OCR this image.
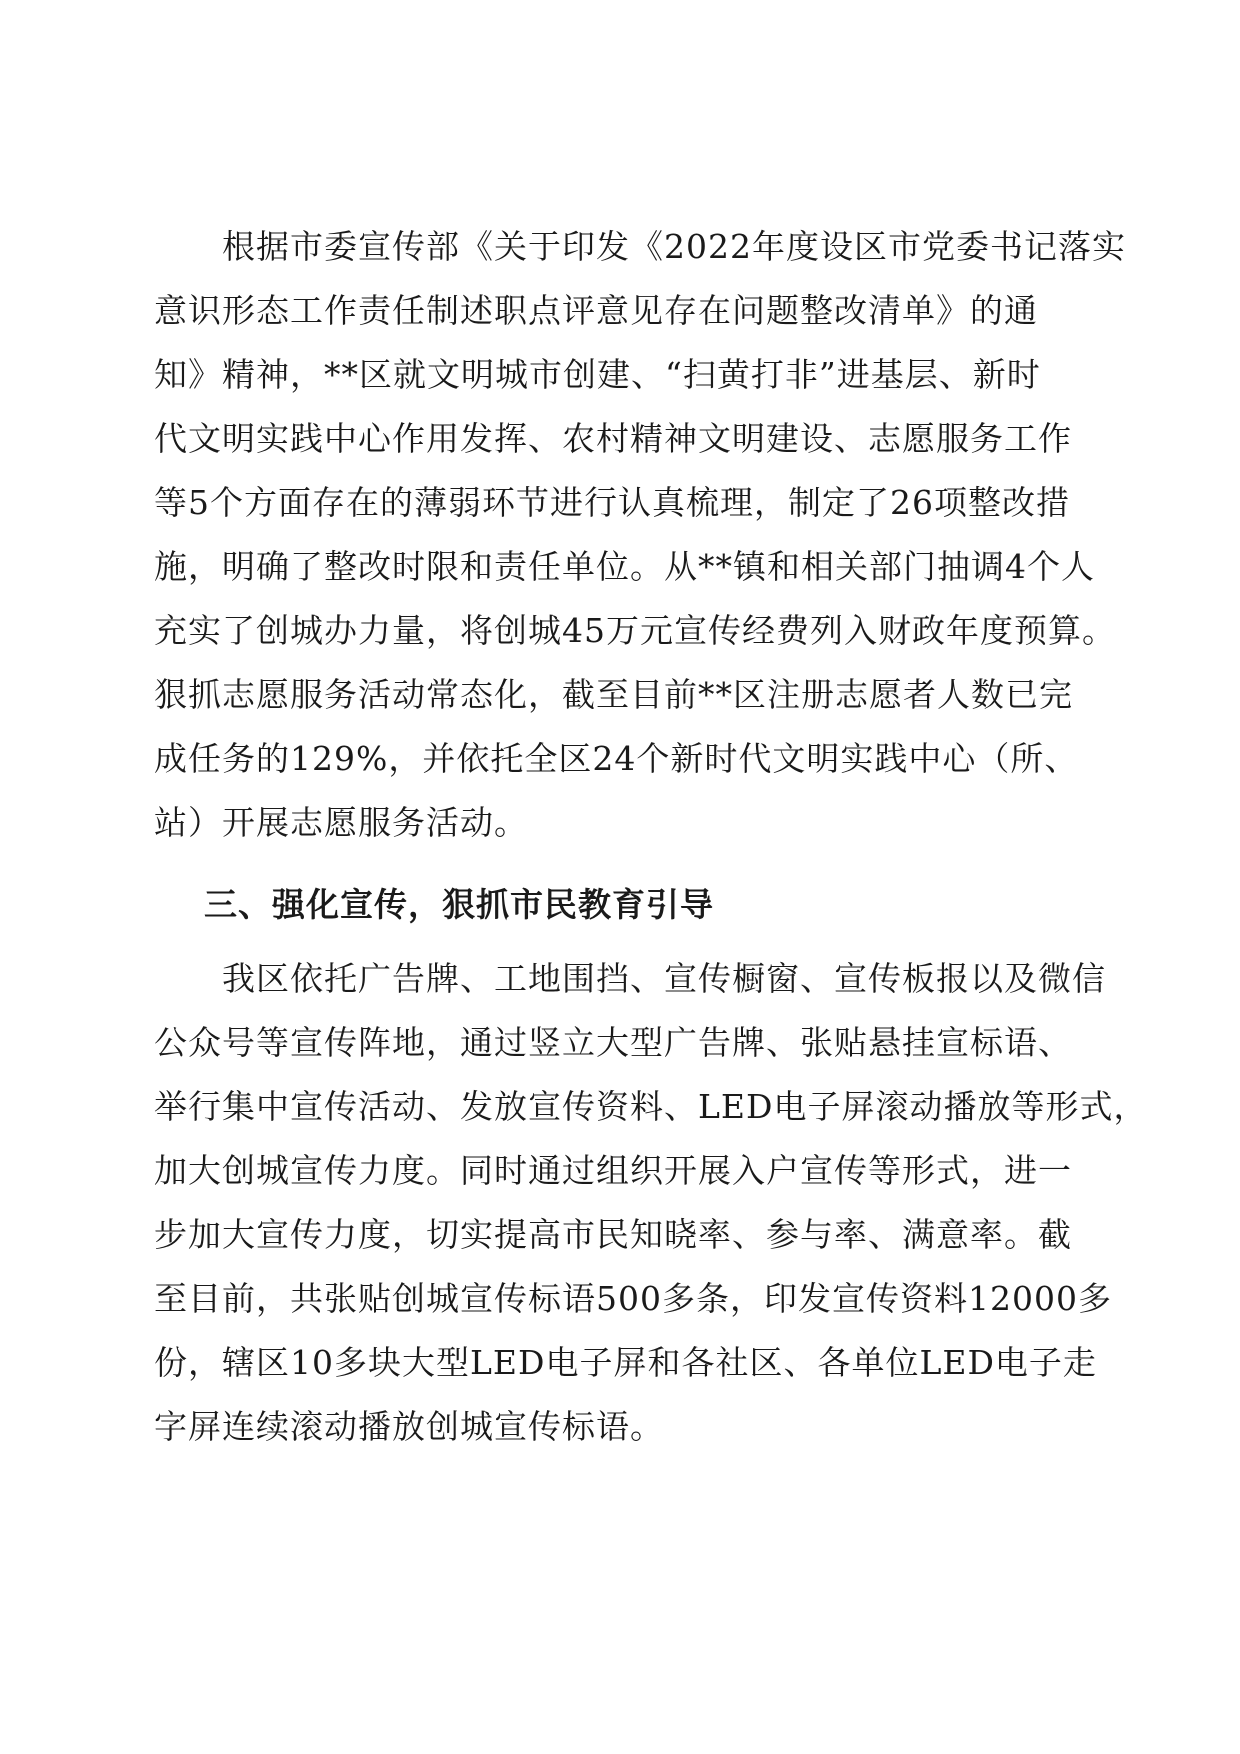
根据市委宣传部《关于印发《2022年度设区市党委书记落实
意识形态工作责任制述职点评意见存在问题整改清单》的通
知》精神，**区就文明城市创建、“扫黄打非”进基层、新时
代文明实践中心作用发挥、农村精神文明建设、志愿服务工作
等5个方面存在的薄弱环节进行认真梳理，制定了26项整改措
施，明确了整改时限和责任单位。从**镇和相关部门抽调4个人
充实了创城办力量，将创城45万元宣传经费列入财政年度预算。
狠抓志愿服务活动常态化，截至目前**区注册志愿者人数已完
成任务的129%，并依托全区24个新时代文明实践中心（所、
站）开展志愿服务活动。
三、强化宣传，狠抓市民教育引导
我区依托广告牌、工地围挡、宣传橱窗、宣传板报以及微信
公众号等宣传阵地，通过竖立大型广告牌、张贴悬挂宣标语、
举行集中宣传活动、发放宣传资料、LED电子屏滚动播放等形式，
加大创城宣传力度。同时通过组织开展入户宣传等形式，进一
步加大宣传力度，切实提高市民知晓率、参与率、满意率。截
至目前，共张贴创城宣传标语500多条，印发宣传资料12000多
份，辖区10多块大型LED电子屏和各社区、各单位LED电子走
字屏连续滚动播放创城宣传标语。
